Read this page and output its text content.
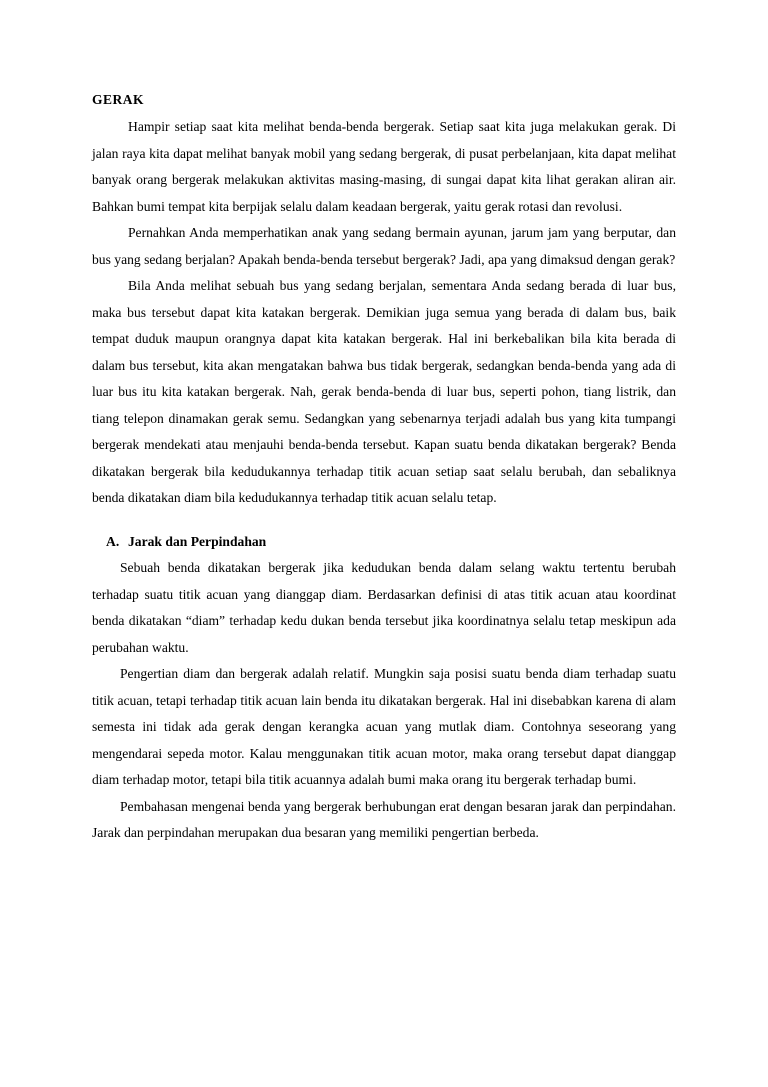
GERAK

Hampir setiap saat kita melihat benda-benda bergerak. Setiap saat kita juga melakukan gerak. Di jalan raya kita dapat melihat banyak mobil yang sedang bergerak, di pusat perbelanjaan, kita dapat melihat banyak orang bergerak melakukan aktivitas masing-masing, di sungai dapat kita lihat gerakan aliran air. Bahkan bumi tempat kita berpijak selalu dalam keadaan bergerak, yaitu gerak rotasi dan revolusi.

Pernahkan Anda memperhatikan anak yang sedang bermain ayunan, jarum jam yang berputar, dan bus yang sedang berjalan? Apakah benda-benda tersebut bergerak? Jadi, apa yang dimaksud dengan gerak?

Bila Anda melihat sebuah bus yang sedang berjalan, sementara Anda sedang berada di luar bus, maka bus tersebut dapat kita katakan bergerak. Demikian juga semua yang berada di dalam bus, baik tempat duduk maupun orangnya dapat kita katakan bergerak. Hal ini berkebalikan bila kita berada di dalam bus tersebut, kita akan mengatakan bahwa bus tidak bergerak, sedangkan benda-benda yang ada di luar bus itu kita katakan bergerak. Nah, gerak benda-benda di luar bus, seperti pohon, tiang listrik, dan tiang telepon dinamakan gerak semu. Sedangkan yang sebenarnya terjadi adalah bus yang kita tumpangi bergerak mendekati atau menjauhi benda-benda tersebut. Kapan suatu benda dikatakan bergerak? Benda dikatakan bergerak bila kedudukannya terhadap titik acuan setiap saat selalu berubah, dan sebaliknya benda dikatakan diam bila kedudukannya terhadap titik acuan selalu tetap.

A. Jarak dan Perpindahan

Sebuah benda dikatakan bergerak jika kedudukan benda dalam selang waktu tertentu berubah terhadap suatu titik acuan yang dianggap diam. Berdasarkan definisi di atas titik acuan atau koordinat benda dikatakan “diam” terhadap kedu dukan benda tersebut jika koordinatnya selalu tetap meskipun ada perubahan waktu.

Pengertian diam dan bergerak adalah relatif. Mungkin saja posisi suatu benda diam terhadap suatu titik acuan, tetapi terhadap titik acuan lain benda itu dikatakan bergerak. Hal ini disebabkan karena di alam semesta ini tidak ada gerak dengan kerangka acuan yang mutlak diam. Contohnya seseorang yang mengendarai sepeda motor. Kalau menggunakan titik acuan motor, maka orang tersebut dapat dianggap diam terhadap motor, tetapi bila titik acuannya adalah bumi maka orang itu bergerak terhadap bumi.

Pembahasan mengenai benda yang bergerak berhubungan erat dengan besaran jarak dan perpindahan. Jarak dan perpindahan merupakan dua besaran yang memiliki pengertian berbeda.
